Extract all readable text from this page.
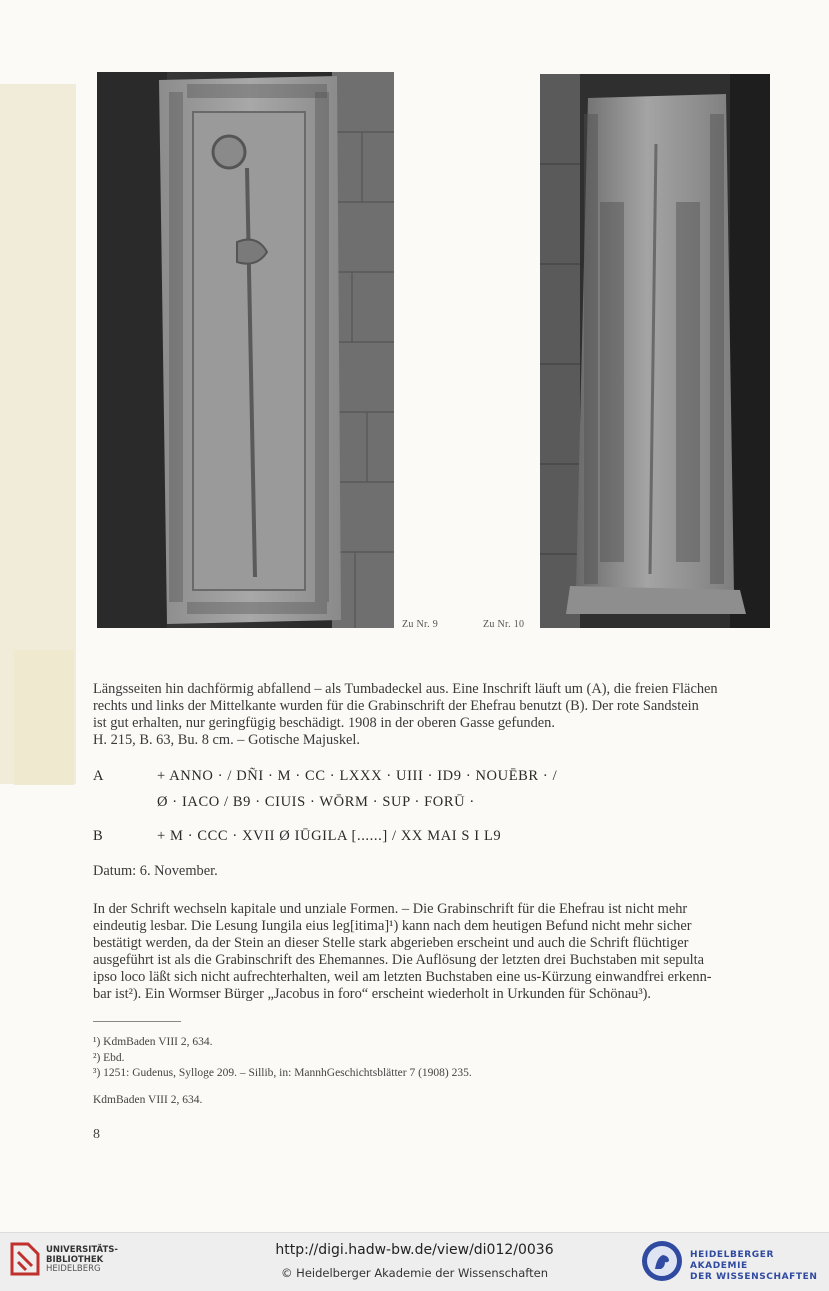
Zu Nr. 9	Zu Nr. 10
Längsseiten hin dachförmig abfallend – als Tumbadeckel aus. Eine Inschrift läuft um (A), die freien Flächen
rechts und links der Mittelkante wurden für die Grabinschrift der Ehefrau benutzt (B). Der rote Sandstein
ist gut erhalten, nur geringfügig beschädigt. 1908 in der oberen Gasse gefunden.
H. 215, B. 63, Bu. 8 cm. – Gotische Majuskel.
A	+ ANNO · / DÑI · M · CC · LXXX · UIII · ID9 · NOUĒBR · /
Ø · IACO / B9 · CIUIS · WŌRM · SUP · FORŪ ·
B	+ M · CCC · XVII Ø IŪGILA [......] / XX MAI S I L9
Datum: 6. November.
In der Schrift wechseln kapitale und unziale Formen. – Die Grabinschrift für die Ehefrau ist nicht mehr
eindeutig lesbar. Die Lesung Iungila eius leg[itima]¹) kann nach dem heutigen Befund nicht mehr sicher
bestätigt werden, da der Stein an dieser Stelle stark abgerieben erscheint und auch die Schrift flüchtiger
ausgeführt ist als die Grabinschrift des Ehemannes. Die Auflösung der letzten drei Buchstaben mit sepulta
ipso loco läßt sich nicht aufrechterhalten, weil am letzten Buchstaben eine us-Kürzung einwandfrei erkenn-
bar ist²). Ein Wormser Bürger „Jacobus in foro“ erscheint wiederholt in Urkunden für Schönau³).
¹) KdmBaden VIII 2, 634.
²) Ebd.
³) 1251: Gudenus, Sylloge 209. – Sillib, in: MannhGeschichtsblätter 7 (1908) 235.
KdmBaden VIII 2, 634.
8
UNIVERSITÄTS-
BIBLIOTHEK
HEIDELBERG
http://digi.hadw-bw.de/view/di012/0036
© Heidelberger Akademie der Wissenschaften
HEIDELBERGER AKADEMIE
DER WISSENSCHAFTEN
